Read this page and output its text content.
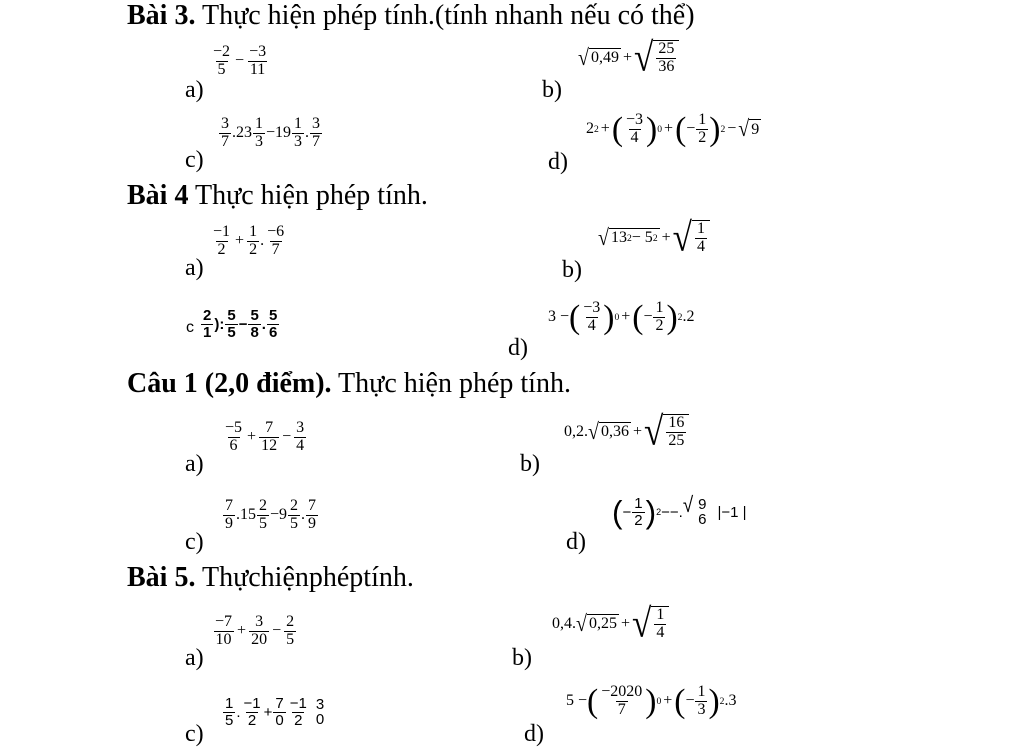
Bài 3. Thực hiện phép tính.(tính nhanh nếu có thể)
a)
$\frac{-2}{5} - \frac{-3}{11}$
b)
√ 0,49 + √ $\frac{25}{36}$
c)
$\frac{3}{7} .23 \frac{1}{3} -19 \frac{1}{3}$ . $\frac{3}{7}$
d)
2 2 + ( $\frac{-3}{4}$ ) 0 + ( − $\frac{1}{2}$ ) 2 − √ 9
Bài 4 Thực hiện phép tính.
a)
$\frac{-1}{2} + \frac{1}{2}$ . $\frac{-6}{7}$
b)
√ 13 2 − 5 2 + √ $\frac{1}{4}$
c $\frac{2}{1}$ ): $\frac{5}{5} - \frac{5}{8}$ . $\frac{5}{6}$
d)
3 − ( $\frac{-3}{4}$ ) 0 + ( − $\frac{1}{2}$ ) 2 .2
Câu 1 (2,0 điểm). Thực hiện phép tính.
a)
$\frac{-5}{6} + \frac{7}{12} - \frac{3}{4}$
b)
0,2. √ 0,36 + √ $\frac{16}{25}$
c)
$\frac{7}{9} .15 \frac{2}{5} -9 \frac{2}{5}$ . $\frac{7}{9}$
d)
( − $\frac{1}{2}$ ) 2 −−. √ 9
6 |−1 |
Bài 5. Thựchiệnphéptính.
a)
$\frac{-7}{10} + \frac{3}{20} - \frac{2}{5}$
b)
0,4. √ 0,25 + √ $\frac{1}{4}$
c)
$\frac{1}{5}$ . $\frac{-1}{2} + \frac{7}{0} \frac{-1}{2} 3$
0
d)
5 − ( $\frac{-2020}{7}$ ) 0 + ( − $\frac{1}{3}$ ) 2 .3
